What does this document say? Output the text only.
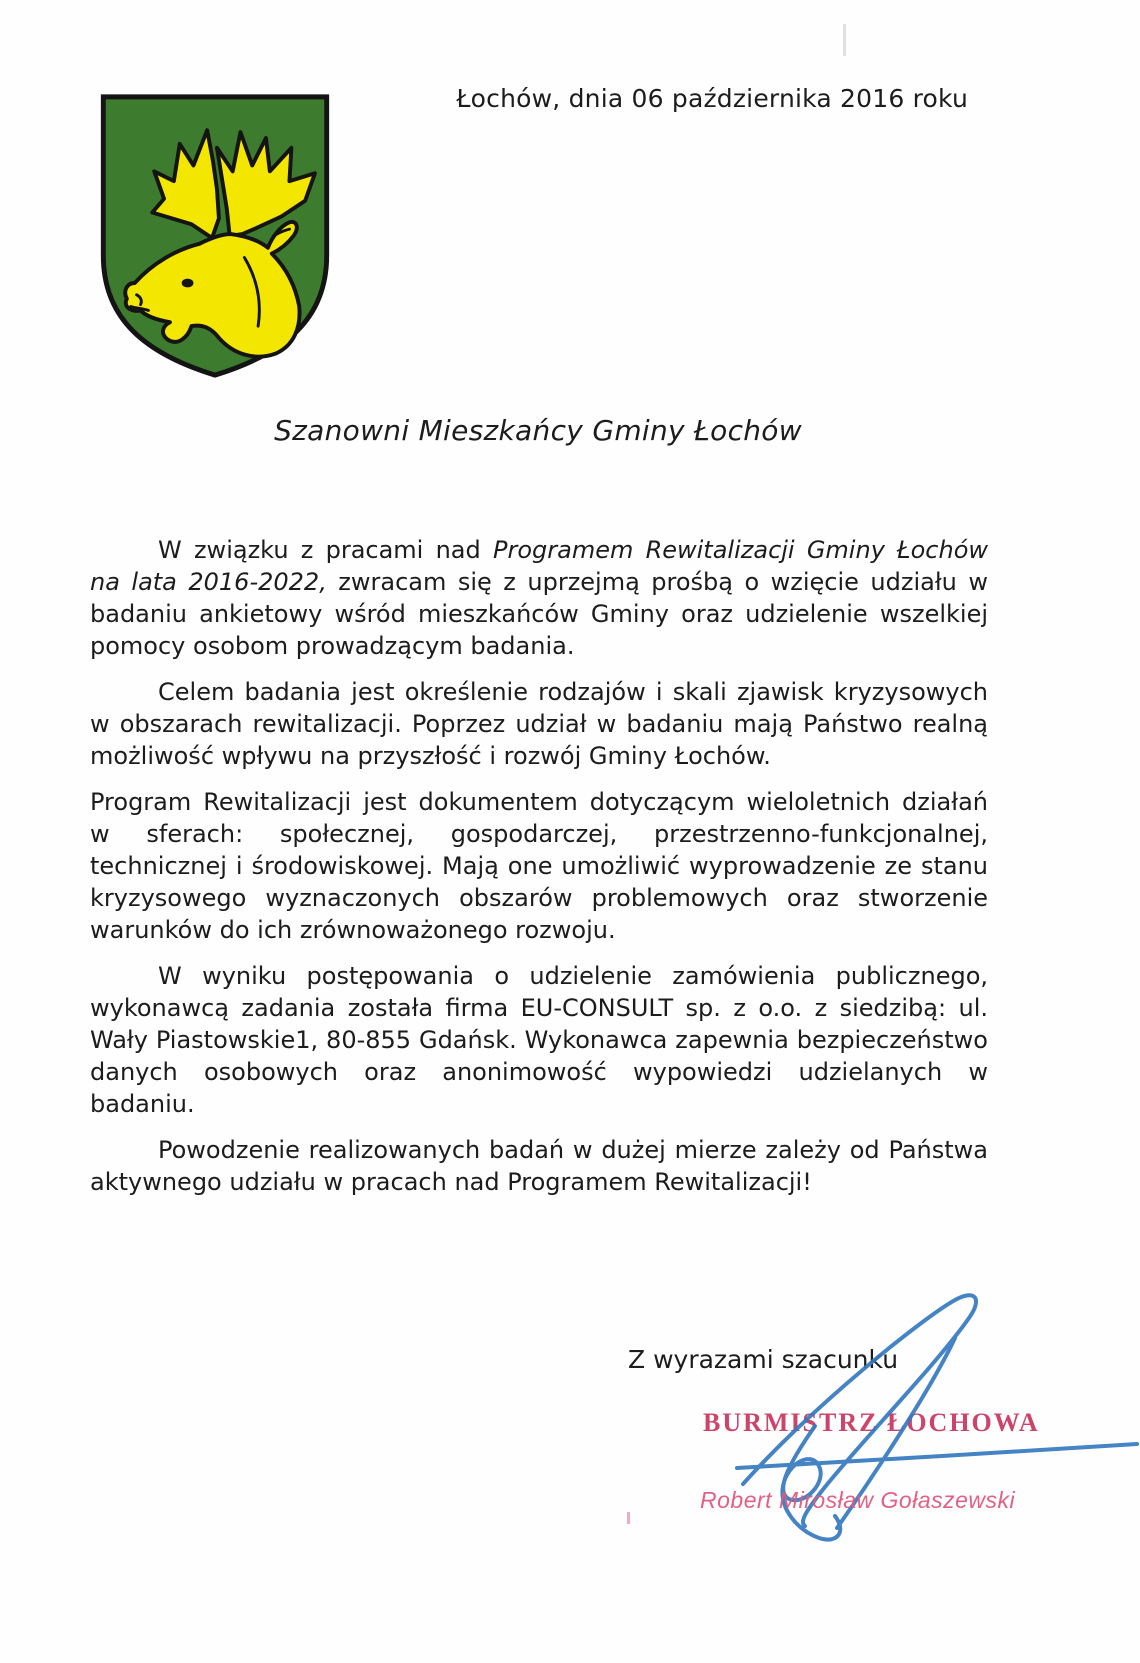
Łochów, dnia 06 października 2016 roku
Szanowni Mieszkańcy Gminy Łochów

W związku z pracami nad Programem Rewitalizacji Gminy Łochów na lata 2016-2022, zwracam się z uprzejmą prośbą o wzięcie udziału w badaniu ankietowy wśród mieszkańców Gminy oraz udzielenie wszelkiej pomocy osobom prowadzącym badania.

Celem badania jest określenie rodzajów i skali zjawisk kryzysowych w obszarach rewitalizacji. Poprzez udział w badaniu mają Państwo realną możliwość wpływu na przyszłość i rozwój Gminy Łochów.

Program Rewitalizacji jest dokumentem dotyczącym wieloletnich działań w sferach: społecznej, gospodarczej, przestrzenno-funkcjonalnej, technicznej i środowiskowej. Mają one umożliwić wyprowadzenie ze stanu kryzysowego wyznaczonych obszarów problemowych oraz stworzenie warunków do ich zrównoważonego rozwoju.

W wyniku postępowania o udzielenie zamówienia publicznego, wykonawcą zadania została firma EU-CONSULT sp. z o.o. z siedzibą: ul. Wały Piastowskie1, 80-855 Gdańsk. Wykonawca zapewnia bezpieczeństwo danych osobowych oraz anonimowość wypowiedzi udzielanych w badaniu.

Powodzenie realizowanych badań w dużej mierze zależy od Państwa aktywnego udziału w pracach nad Programem Rewitalizacji!

Z wyrazami szacunku
BURMISTRZ ŁOCHOWA
Robert Mirosław Gołaszewski
